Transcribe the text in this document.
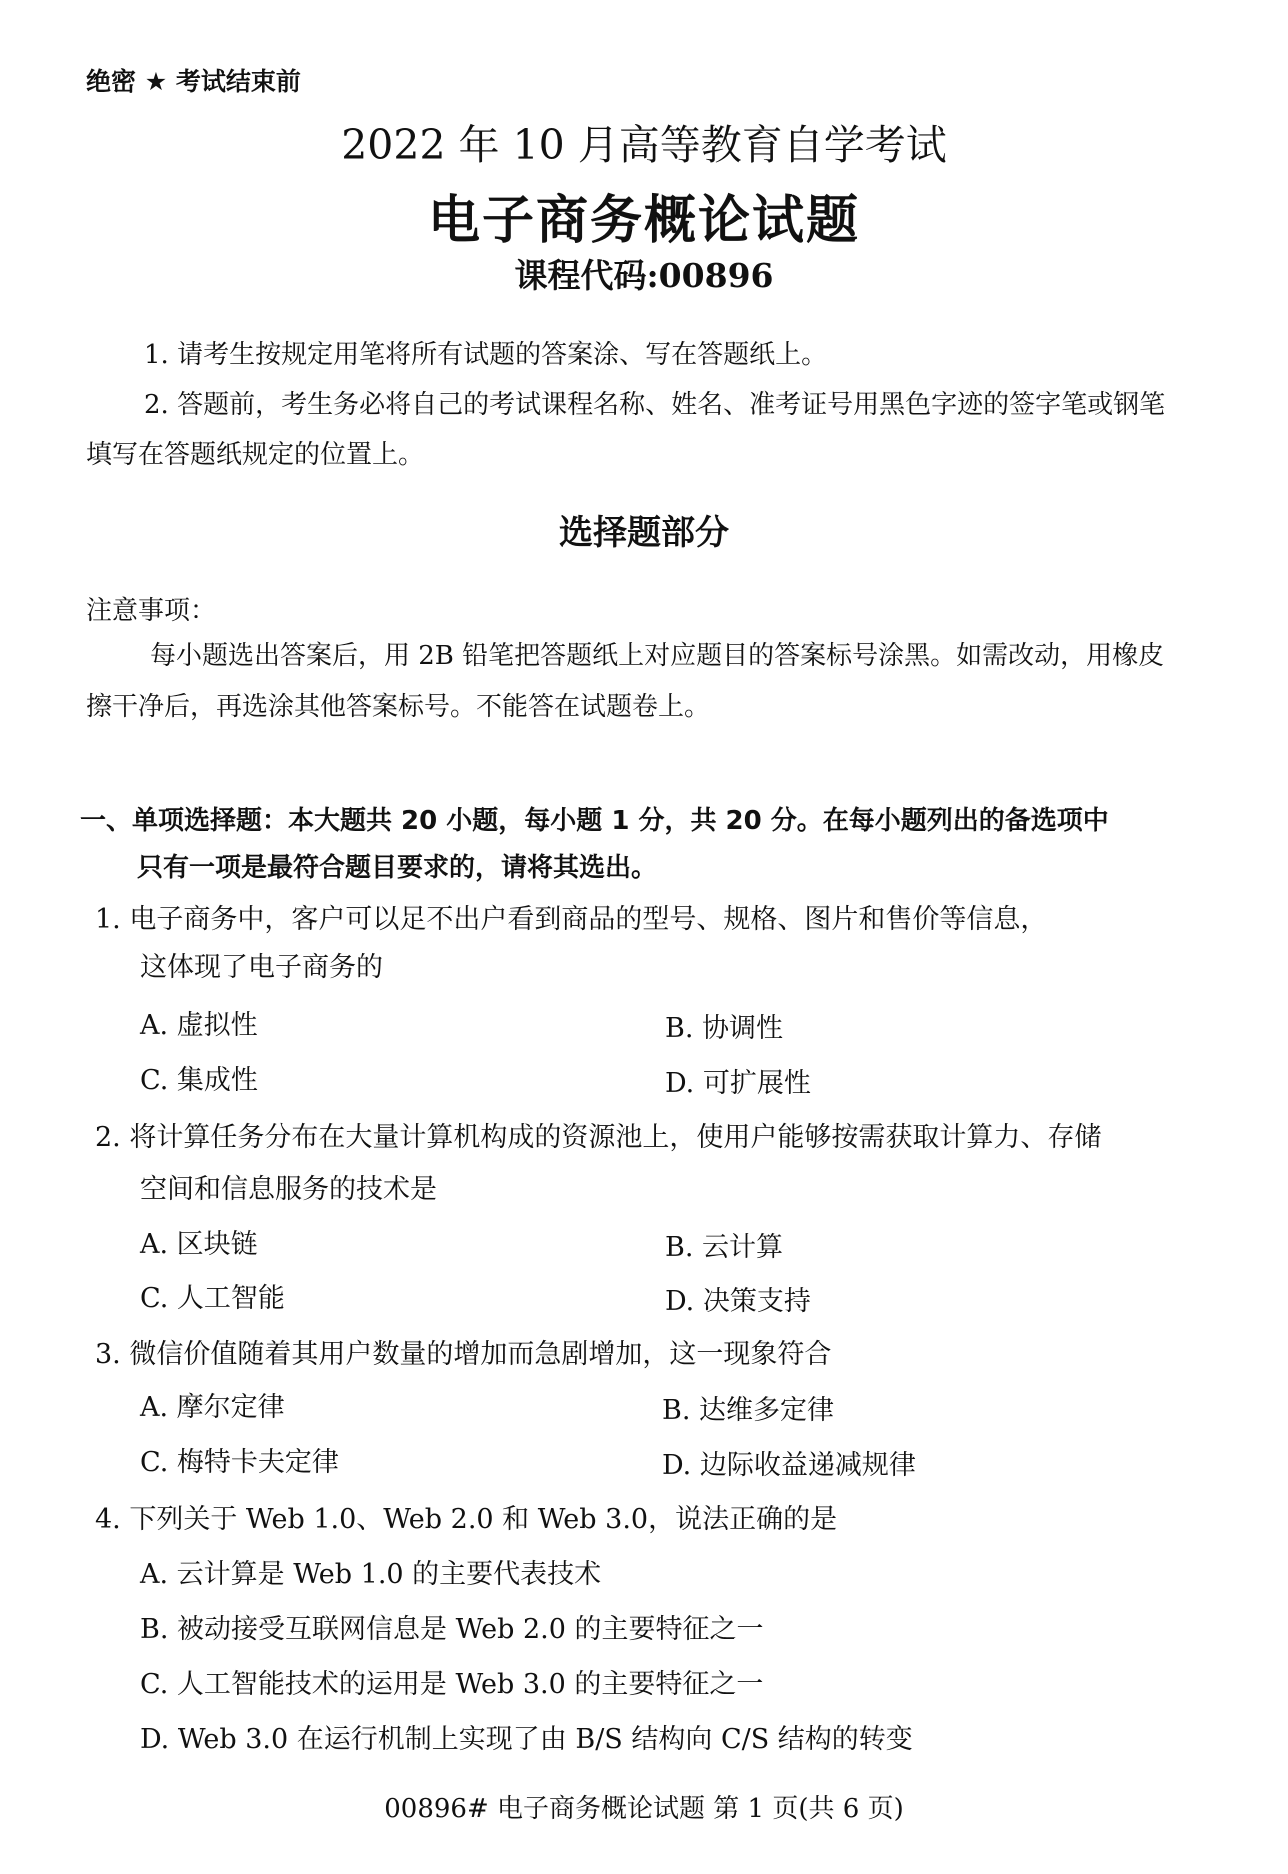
绝密 ★ 考试结束前
2022 年 10 月高等教育自学考试
电子商务概论试题
课程代码:00896
1. 请考生按规定用笔将所有试题的答案涂、写在答题纸上。
2. 答题前，考生务必将自己的考试课程名称、姓名、准考证号用黑色字迹的签字笔或钢笔
填写在答题纸规定的位置上。
选择题部分
注意事项：
每小题选出答案后，用 2B 铅笔把答题纸上对应题目的答案标号涂黑。如需改动，用橡皮
擦干净后，再选涂其他答案标号。不能答在试题卷上。
一、单项选择题：本大题共 20 小题，每小题 1 分，共 20 分。在每小题列出的备选项中
只有一项是最符合题目要求的，请将其选出。
1. 电子商务中，客户可以足不出户看到商品的型号、规格、图片和售价等信息，
这体现了电子商务的
A. 虚拟性	B. 协调性
C. 集成性	D. 可扩展性
2. 将计算任务分布在大量计算机构成的资源池上，使用户能够按需获取计算力、存储
空间和信息服务的技术是
A. 区块链	B. 云计算
C. 人工智能	D. 决策支持
3. 微信价值随着其用户数量的增加而急剧增加，这一现象符合
A. 摩尔定律	B. 达维多定律
C. 梅特卡夫定律	D. 边际收益递减规律
4. 下列关于 Web 1.0、Web 2.0 和 Web 3.0，说法正确的是
A. 云计算是 Web 1.0 的主要代表技术
B. 被动接受互联网信息是 Web 2.0 的主要特征之一
C. 人工智能技术的运用是 Web 3.0 的主要特征之一
D. Web 3.0 在运行机制上实现了由 B/S 结构向 C/S 结构的转变
00896# 电子商务概论试题 第 1 页(共 6 页)
